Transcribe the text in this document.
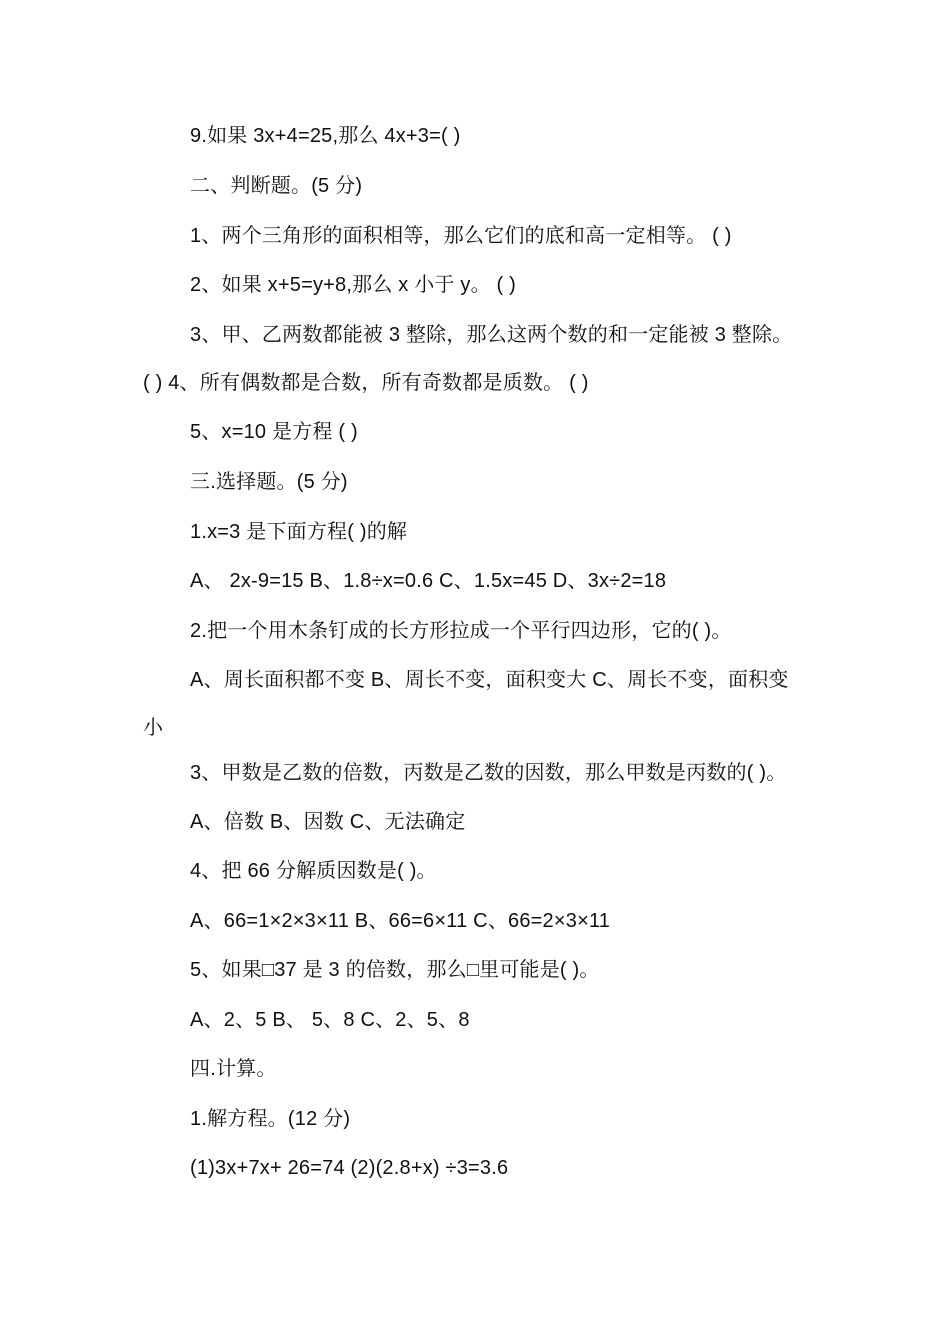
9.如果 3x+4=25,那么 4x+3=( )
二、判断题。(5 分)
1、两个三角形的面积相等，那么它们的底和高一定相等。 ( )
2、如果 x+5=y+8,那么 x 小于 y。 ( )
3、甲、乙两数都能被 3 整除，那么这两个数的和一定能被 3 整除。
( ) 4、所有偶数都是合数，所有奇数都是质数。 ( )
5、x=10 是方程 ( )
三.选择题。(5 分)
1.x=3 是下面方程( )的解
A、 2x-9=15 B、1.8÷x=0.6 C、1.5x=45 D、3x÷2=18
2.把一个用木条钉成的长方形拉成一个平行四边形，它的( )。
A、周长面积都不变 B、周长不变，面积变大 C、周长不变，面积变
小
3、甲数是乙数的倍数，丙数是乙数的因数，那么甲数是丙数的( )。
A、倍数 B、因数 C、无法确定
4、把 66 分解质因数是( )。
A、66=1×2×3×11 B、66=6×11 C、66=2×3×11
5、如果□37 是 3 的倍数，那么□里可能是( )。
A、2、5 B、 5、8 C、2、5、8
四.计算。
1.解方程。(12 分)
(1)3x+7x+ 26=74 (2)(2.8+x) ÷3=3.6
